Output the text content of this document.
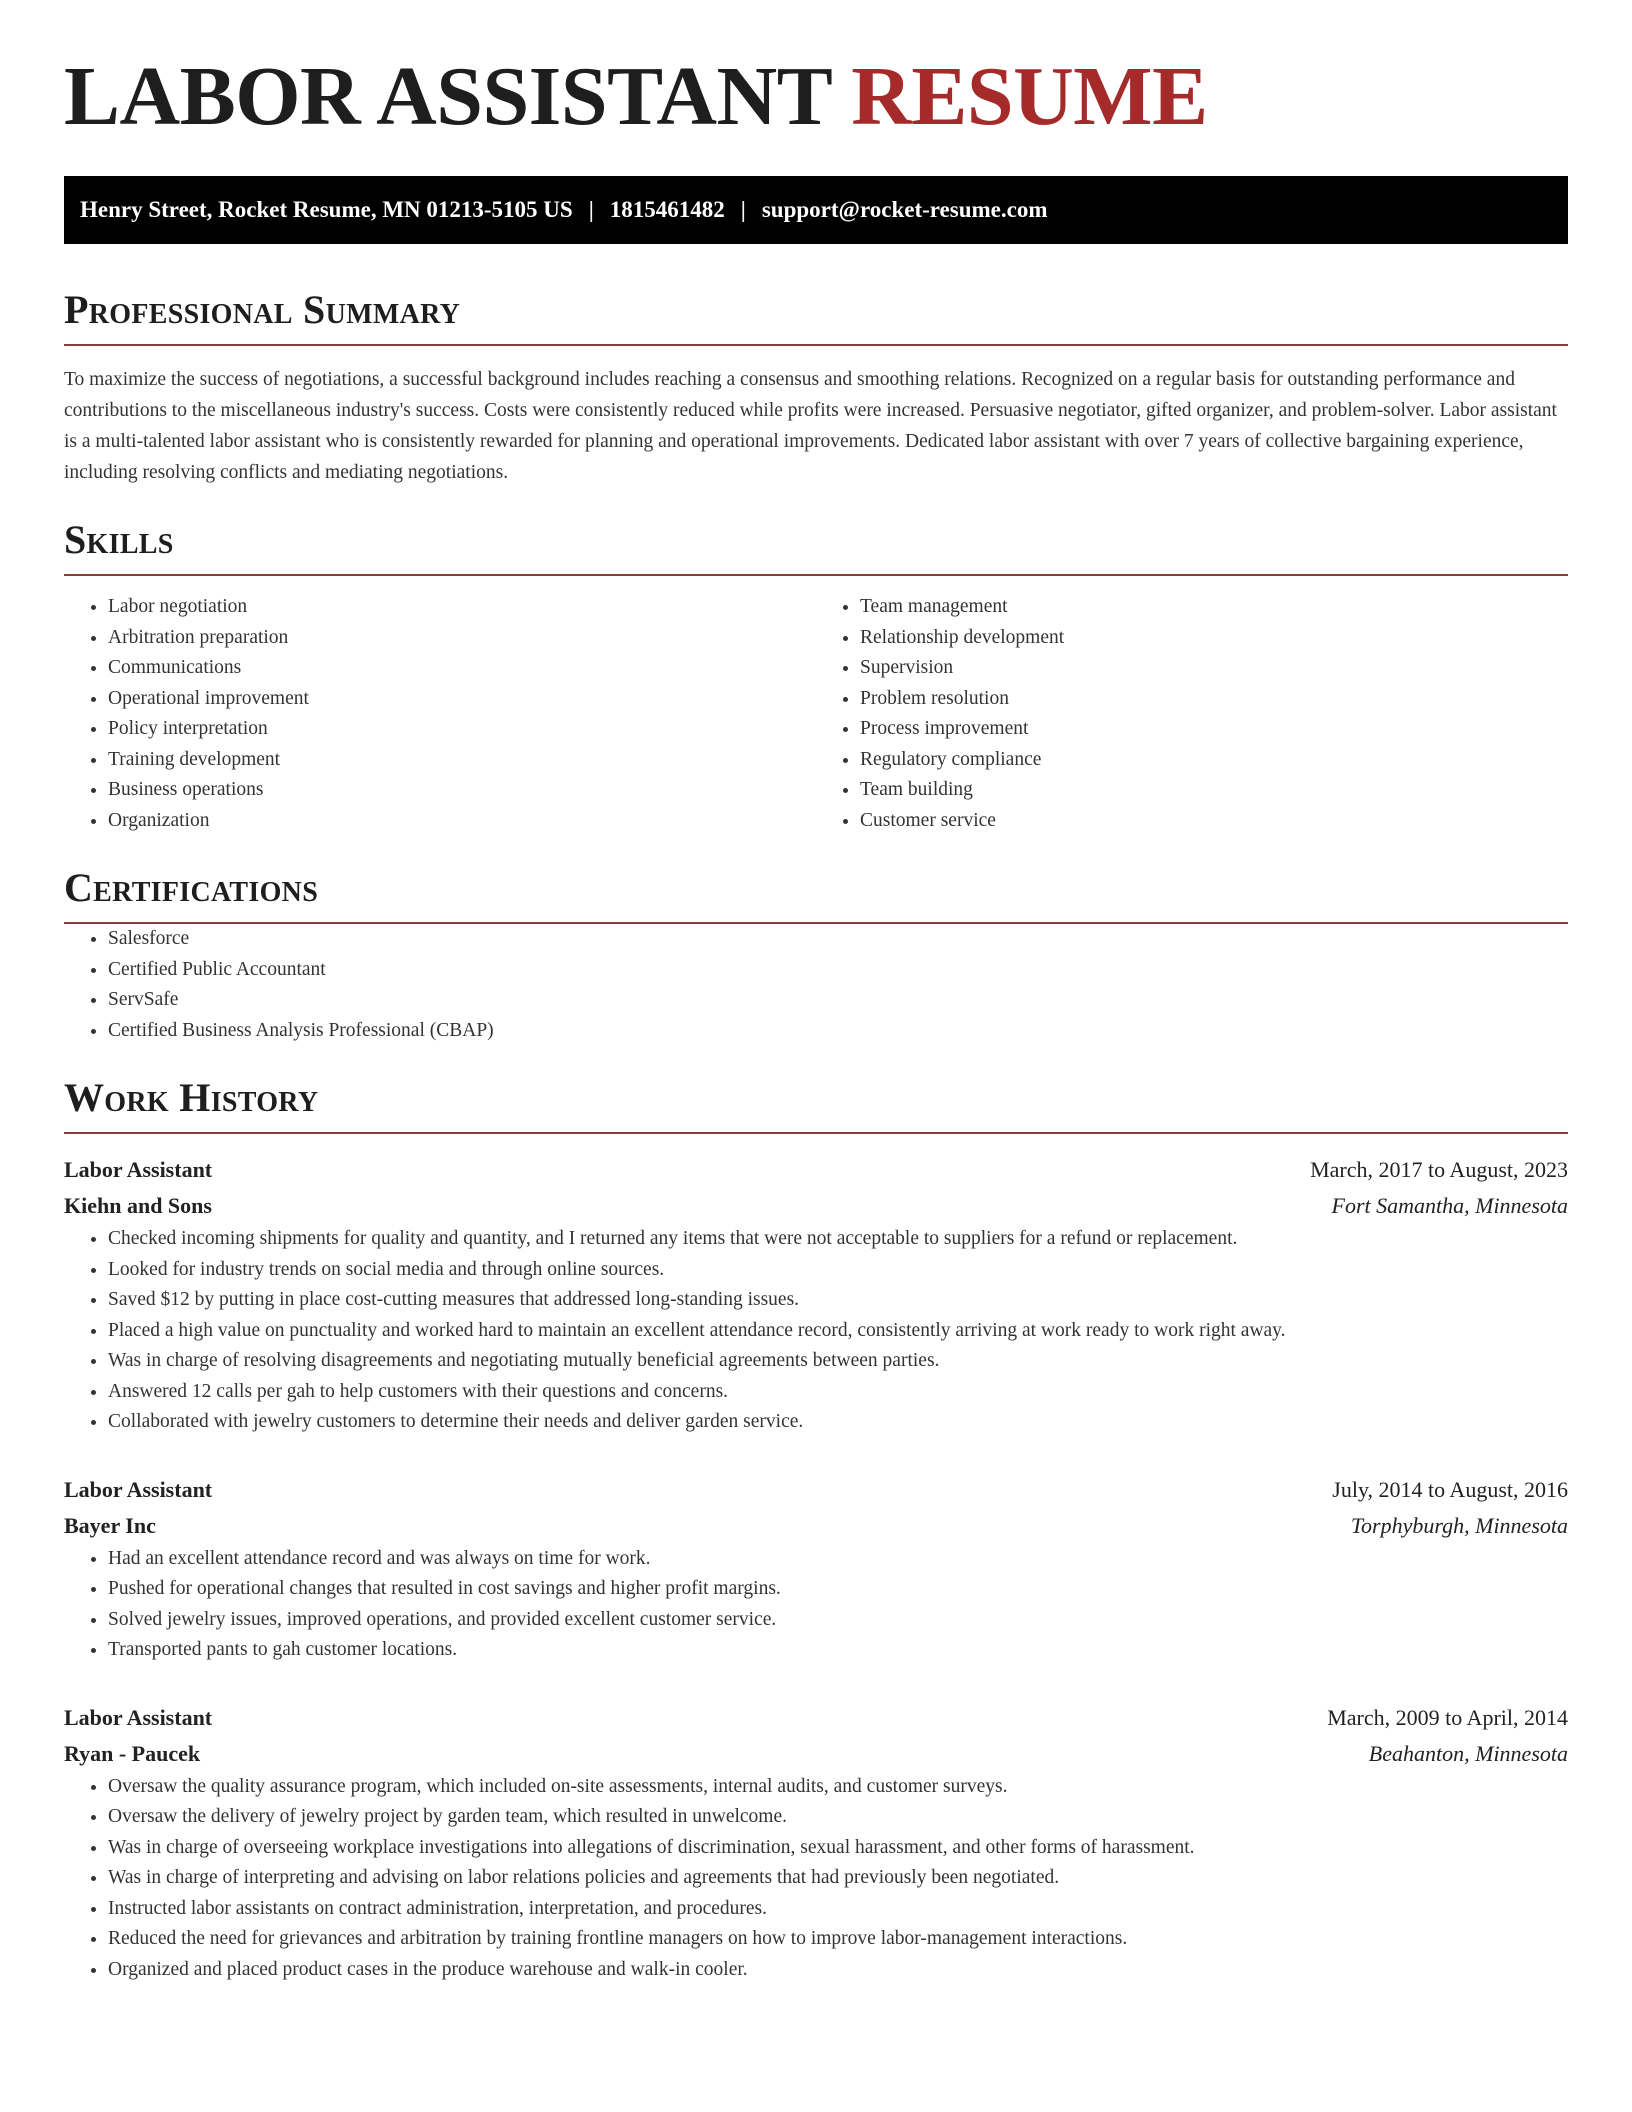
LABOR ASSISTANT RESUME
Henry Street, Rocket Resume, MN 01213-5105 US | 1815461482 | support@rocket-resume.com
Professional Summary

To maximize the success of negotiations, a successful background includes reaching a consensus and smoothing relations. Recognized on a regular basis for outstanding performance and contributions to the miscellaneous industry's success. Costs were consistently reduced while profits were increased. Persuasive negotiator, gifted organizer, and problem-solver. Labor assistant is a multi-talented labor assistant who is consistently rewarded for planning and operational improvements. Dedicated labor assistant with over 7 years of collective bargaining experience, including resolving conflicts and mediating negotiations.

Skills
• Labor negotiation
• Arbitration preparation
• Communications
• Operational improvement
• Policy interpretation
• Training development
• Business operations
• Organization
• Team management
• Relationship development
• Supervision
• Problem resolution
• Process improvement
• Regulatory compliance
• Team building
• Customer service
Certifications
• Salesforce
• Certified Public Accountant
• ServSafe
• Certified Business Analysis Professional (CBAP)
Work History
Labor Assistant	March, 2017 to August, 2023
Kiehn and Sons	Fort Samantha, Minnesota
• Checked incoming shipments for quality and quantity, and I returned any items that were not acceptable to suppliers for a refund or replacement.
• Looked for industry trends on social media and through online sources.
• Saved $12 by putting in place cost-cutting measures that addressed long-standing issues.
• Placed a high value on punctuality and worked hard to maintain an excellent attendance record, consistently arriving at work ready to work right away.
• Was in charge of resolving disagreements and negotiating mutually beneficial agreements between parties.
• Answered 12 calls per gah to help customers with their questions and concerns.
• Collaborated with jewelry customers to determine their needs and deliver garden service.
Labor Assistant	July, 2014 to August, 2016
Bayer Inc	Torphyburgh, Minnesota
• Had an excellent attendance record and was always on time for work.
• Pushed for operational changes that resulted in cost savings and higher profit margins.
• Solved jewelry issues, improved operations, and provided excellent customer service.
• Transported pants to gah customer locations.
Labor Assistant	March, 2009 to April, 2014
Ryan - Paucek	Beahanton, Minnesota
• Oversaw the quality assurance program, which included on-site assessments, internal audits, and customer surveys.
• Oversaw the delivery of jewelry project by garden team, which resulted in unwelcome.
• Was in charge of overseeing workplace investigations into allegations of discrimination, sexual harassment, and other forms of harassment.
• Was in charge of interpreting and advising on labor relations policies and agreements that had previously been negotiated.
• Instructed labor assistants on contract administration, interpretation, and procedures.
• Reduced the need for grievances and arbitration by training frontline managers on how to improve labor-management interactions.
• Organized and placed product cases in the produce warehouse and walk-in cooler.
